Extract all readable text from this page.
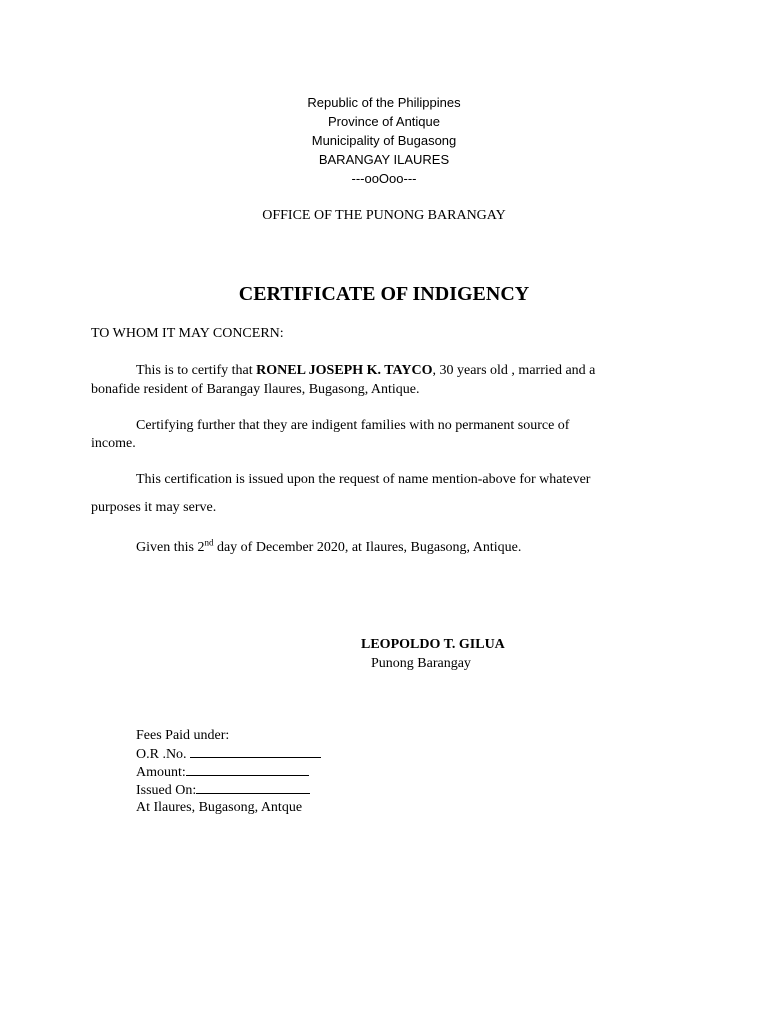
Republic of the Philippines
Province of Antique
Municipality of Bugasong
BARANGAY ILAURES
---ooOoo---
OFFICE OF THE PUNONG BARANGAY
CERTIFICATE OF INDIGENCY
TO WHOM IT MAY CONCERN:
This is to certify that RONEL JOSEPH K. TAYCO, 30 years old , married and a
bonafide resident of Barangay Ilaures, Bugasong, Antique.
Certifying further that they are indigent families with no permanent source of
income.
This certification is issued upon the request of name mention-above for whatever
purposes it may serve.
Given this 2nd day of December 2020, at Ilaures, Bugasong, Antique.
LEOPOLDO T. GILUA
Punong Barangay
Fees Paid under:
O.R .No.
Amount:
Issued On:
At Ilaures, Bugasong, Antque
